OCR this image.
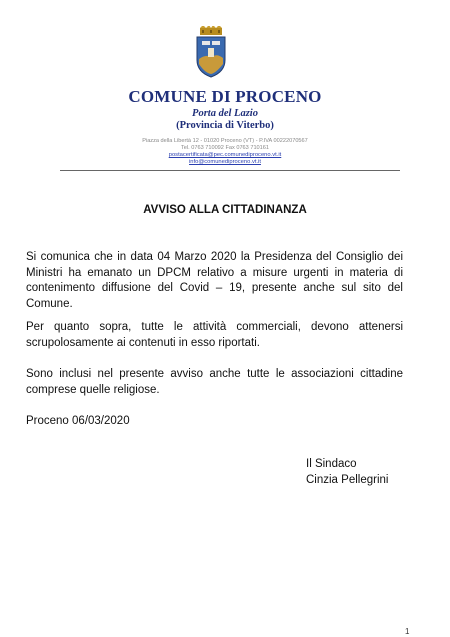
COMUNE DI PROCENO
Porta del Lazio
(Provincia di Viterbo)
Piazza della Libertà 12 - 01020 Proceno (VT) - P.IVA 00222070567
Tel. 0763 710092 Fax 0763 710161
postacertificata@pec.comunediproceno.vt.it
info@comunediproceno.vt.it
AVVISO ALLA CITTADINANZA
Si comunica che in data 04 Marzo 2020 la Presidenza del Consiglio dei Ministri ha emanato un DPCM relativo a misure urgenti in materia di contenimento diffusione del Covid – 19, presente anche sul sito del Comune.
Per quanto sopra, tutte le attività commerciali, devono attenersi scrupolosamente ai contenuti in esso riportati.
Sono inclusi nel presente avviso anche tutte le associazioni cittadine comprese quelle religiose.
Proceno 06/03/2020
Il Sindaco
Cinzia Pellegrini
1
